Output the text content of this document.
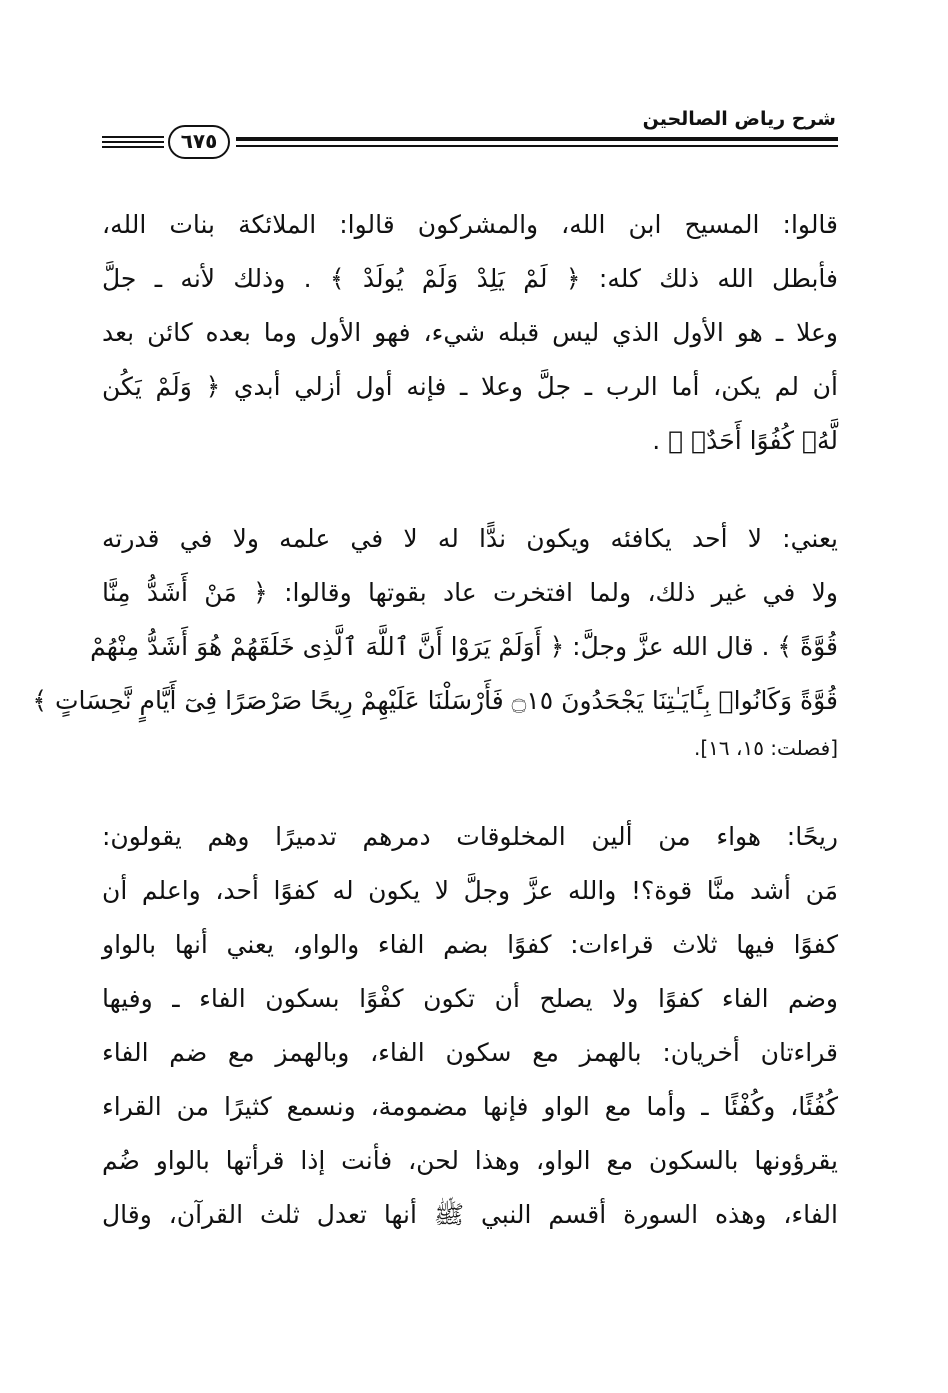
شرح رياض الصالحين
٦٧٥
قالوا: المسيح ابن الله، والمشركون قالوا: الملائكة بنات الله،
فأبطل الله ذلك كله: ﴿ لَمْ يَلِدْ وَلَمْ يُولَدْ ﴾ . وذلك لأنه ـ جلَّ
وعلا ـ هو الأول الذي ليس قبله شيء، فهو الأول وما بعده كائن بعد
أن لم يكن، أما الرب ـ جلَّ وعلا ـ فإنه أول أزلي أبدي ﴿ وَلَمْ يَكُن
لَّهُۥ كُفُوًا أَحَدٌۢ ﴾ .
يعني: لا أحد يكافئه ويكون ندًّا له لا في علمه ولا في قدرته
ولا في غير ذلك، ولما افتخرت عاد بقوتها وقالوا: ﴿ مَنْ أَشَدُّ مِنَّا
قُوَّةً ﴾ . قال الله عزَّ وجلَّ: ﴿ أَوَلَمْ يَرَوْا أَنَّ ٱللَّهَ ٱلَّذِى خَلَقَهُمْ هُوَ أَشَدُّ مِنْهُمْ
قُوَّةً وَكَانُوا۟ بِـَٔايَـٰتِنَا يَجْحَدُونَ ۝١٥ فَأَرْسَلْنَا عَلَيْهِمْ رِيحًا صَرْصَرًا فِىٓ أَيَّامٍ نَّحِسَاتٍ ﴾
[فصلت: ١٥، ١٦].
ريحًا: هواء من ألين المخلوقات دمرهم تدميرًا وهم يقولون:
مَن أشد منَّا قوة؟! والله عزَّ وجلَّ لا يكون له كفوًا أحد، واعلم أن
كفوًا فيها ثلاث قراءات: كفوًا بضم الفاء والواو، يعني أنها بالواو
وضم الفاء كفوًا ولا يصلح أن تكون كفْوًا بسكون الفاء ـ وفيها
قراءتان أخريان: بالهمز مع سكون الفاء، وبالهمز مع ضم الفاء
كُفُئًا، وكُفْئًا ـ وأما مع الواو فإنها مضمومة، ونسمع كثيرًا من القراء
يقرؤونها بالسكون مع الواو، وهذا لحن، فأنت إذا قرأتها بالواو ضُم
الفاء، وهذه السورة أقسم النبي ﷺ أنها تعدل ثلث القرآن، وقال
